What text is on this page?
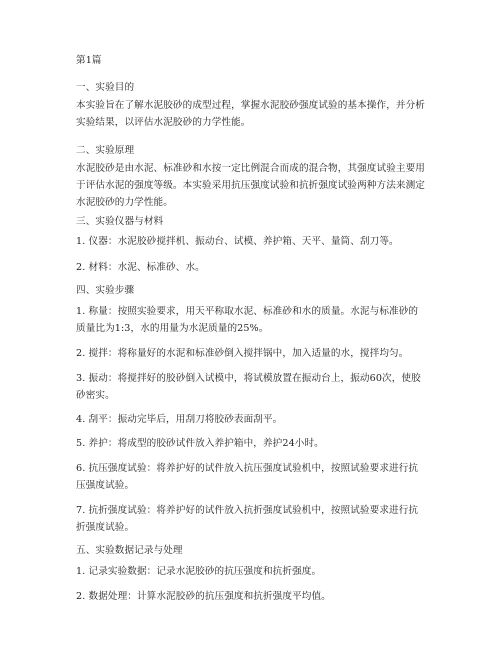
第1篇
一、实验目的
本实验旨在了解水泥胶砂的成型过程，掌握水泥胶砂强度试验的基本操作，并分析
实验结果，以评估水泥胶砂的力学性能。
二、实验原理
水泥胶砂是由水泥、标准砂和水按一定比例混合而成的混合物，其强度试验主要用
于评估水泥的强度等级。本实验采用抗压强度试验和抗折强度试验两种方法来测定
水泥胶砂的力学性能。
三、实验仪器与材料
1. 仪器：水泥胶砂搅拌机、振动台、试模、养护箱、天平、量筒、刮刀等。
2. 材料：水泥、标准砂、水。
四、实验步骤
1. 称量：按照实验要求，用天平称取水泥、标准砂和水的质量。水泥与标准砂的
质量比为1:3，水的用量为水泥质量的25%。
2. 搅拌：将称量好的水泥和标准砂倒入搅拌锅中，加入适量的水，搅拌均匀。
3. 振动：将搅拌好的胶砂倒入试模中，将试模放置在振动台上，振动60次，使胶
砂密实。
4. 刮平：振动完毕后，用刮刀将胶砂表面刮平。
5. 养护：将成型的胶砂试件放入养护箱中，养护24小时。
6. 抗压强度试验：将养护好的试件放入抗压强度试验机中，按照试验要求进行抗
压强度试验。
7. 抗折强度试验：将养护好的试件放入抗折强度试验机中，按照试验要求进行抗
折强度试验。
五、实验数据记录与处理
1. 记录实验数据：记录水泥胶砂的抗压强度和抗折强度。
2. 数据处理：计算水泥胶砂的抗压强度和抗折强度平均值。
